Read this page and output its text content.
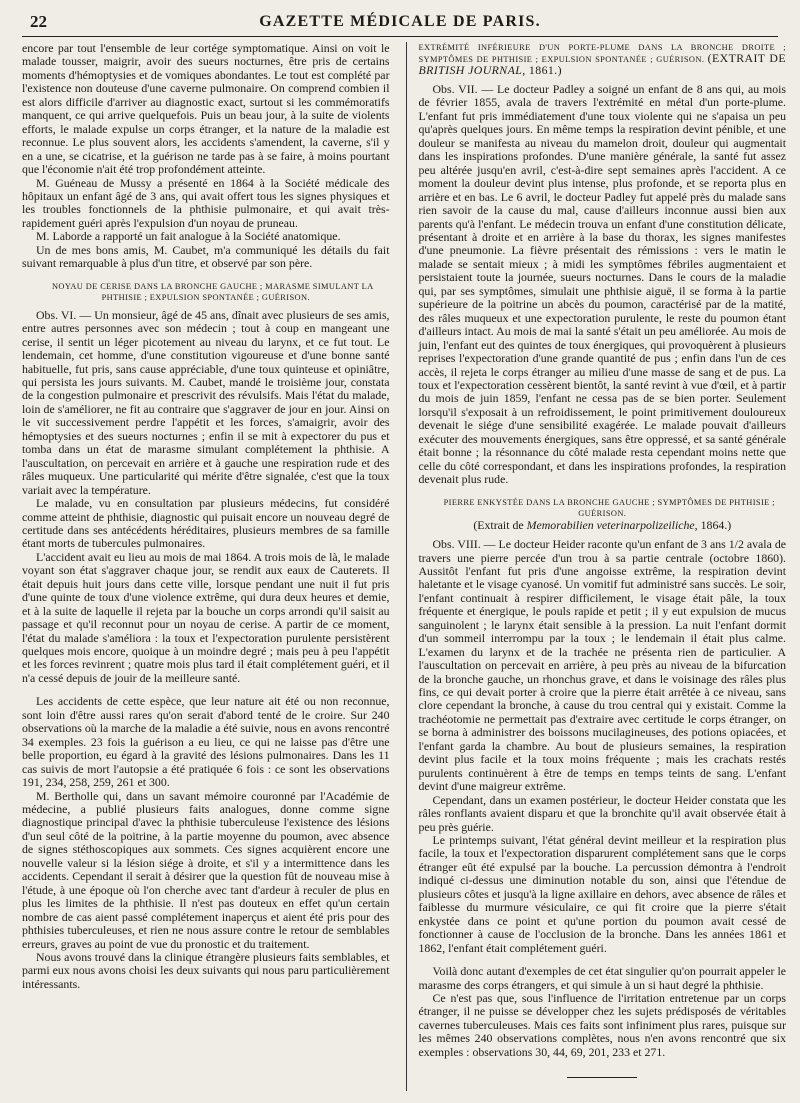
22	GAZETTE MÉDICALE DE PARIS.

encore par tout l'ensemble de leur cortége symptomatique. Ainsi on voit le malade tousser, maigrir, avoir des sueurs nocturnes, être pris de certains moments d'hémoptysies et de vomiques abondantes. Le tout est complété par l'existence non douteuse d'une caverne pulmonaire. On comprend combien il est alors difficile d'arriver au diagnostic exact, surtout si les commémoratifs manquent, ce qui arrive quelquefois. Puis un beau jour, à la suite de violents efforts, le malade expulse un corps étranger, et la nature de la maladie est reconnue. Le plus souvent alors, les accidents s'amendent, la caverne, s'il y en a une, se cicatrise, et la guérison ne tarde pas à se faire, à moins pourtant que l'économie n'ait été trop profondément atteinte.

M. Guéneau de Mussy a présenté en 1864 à la Société médicale des hôpitaux un enfant âgé de 3 ans, qui avait offert tous les signes physiques et les troubles fonctionnels de la phthisie pulmonaire, et qui avait très-rapidement guéri après l'expulsion d'un noyau de pruneau.

M. Laborde a rapporté un fait analogue à la Société anatomique.

Un de mes bons amis, M. Caubet, m'a communiqué les détails du fait suivant remarquable à plus d'un titre, et observé par son père.

NOYAU DE CERISE DANS LA BRONCHE GAUCHE ; MARASME SIMULANT LA PHTHISIE ; EXPULSION SPONTANÉE ; GUÉRISON.

Obs. VI. — Un monsieur, âgé de 45 ans, dînait avec plusieurs de ses amis, entre autres personnes avec son médecin ; tout à coup en mangeant une cerise, il sentit un léger picotement au niveau du larynx, et ce fut tout. Le lendemain, cet homme, d'une constitution vigoureuse et d'une bonne santé habituelle, fut pris, sans cause appréciable, d'une toux quinteuse et opiniâtre, qui persista les jours suivants. M. Caubet, mandé le troisième jour, constata de la congestion pulmonaire et prescrivit des révulsifs. Mais l'état du malade, loin de s'améliorer, ne fit au contraire que s'aggraver de jour en jour. Ainsi on le vit successivement perdre l'appétit et les forces, s'amaigrir, avoir des hémoptysies et des sueurs nocturnes ; enfin il se mit à expectorer du pus et tomba dans un état de marasme simulant complétement la phthisie. A l'auscultation, on percevait en arrière et à gauche une respiration rude et des râles muqueux. Une particularité qui mérite d'être signalée, c'est que la toux variait avec la température.

Le malade, vu en consultation par plusieurs médecins, fut considéré comme atteint de phthisie, diagnostic qui puisait encore un nouveau degré de certitude dans ses antécédents héréditaires, plusieurs membres de sa famille étant morts de tubercules pulmonaires.

L'accident avait eu lieu au mois de mai 1864. A trois mois de là, le malade voyant son état s'aggraver chaque jour, se rendit aux eaux de Cauterets. Il était depuis huit jours dans cette ville, lorsque pendant une nuit il fut pris d'une quinte de toux d'une violence extrême, qui dura deux heures et demie, et à la suite de laquelle il rejeta par la bouche un corps arrondi qu'il saisit au passage et qu'il reconnut pour un noyau de cerise. A partir de ce moment, l'état du malade s'améliora : la toux et l'expectoration purulente persistèrent quelques mois encore, quoique à un moindre degré ; mais peu à peu l'appétit et les forces revinrent ; quatre mois plus tard il était complétement guéri, et il n'a cessé depuis de jouir de la meilleure santé.

Les accidents de cette espèce, que leur nature ait été ou non reconnue, sont loin d'être aussi rares qu'on serait d'abord tenté de le croire. Sur 240 observations où la marche de la maladie a été suivie, nous en avons rencontré 34 exemples. 23 fois la guérison a eu lieu, ce qui ne laisse pas d'être une belle proportion, eu égard à la gravité des lésions pulmonaires. Dans les 11 cas suivis de mort l'autopsie a été pratiquée 6 fois : ce sont les observations 191, 234, 258, 259, 261 et 300.

M. Bertholle qui, dans un savant mémoire couronné par l'Académie de médecine, a publié plusieurs faits analogues, donne comme signe diagnostique principal d'avec la phthisie tuberculeuse l'existence des lésions d'un seul côté de la poitrine, à la partie moyenne du poumon, avec absence de signes stéthoscopiques aux sommets. Ces signes acquièrent encore une nouvelle valeur si la lésion siége à droite, et s'il y a intermittence dans les accidents. Cependant il serait à désirer que la question fût de nouveau mise à l'étude, à une époque où l'on cherche avec tant d'ardeur à reculer de plus en plus les limites de la phthisie. Il n'est pas douteux en effet qu'un certain nombre de cas aient passé complétement inaperçus et aient été pris pour des phthisies tuberculeuses, et rien ne nous assure contre le retour de semblables erreurs, graves au point de vue du pronostic et du traitement.

Nous avons trouvé dans la clinique étrangère plusieurs faits semblables, et parmi eux nous avons choisi les deux suivants qui nous paru particulièrement intéressants.

EXTRÉMITÉ INFÉRIEURE D'UN PORTE-PLUME DANS LA BRONCHE DROITE ; SYMPTÔMES DE PHTHISIE ; EXPULSION SPONTANÉE ; GUÉRISON. (EXTRAIT DE BRITISH JOURNAL, 1861.)

Obs. VII. — Le docteur Padley a soigné un enfant de 8 ans qui, au mois de février 1855, avala de travers l'extrémité en métal d'un porte-plume. L'enfant fut pris immédiatement d'une toux violente qui ne s'apaisa un peu qu'après quelques jours. En même temps la respiration devint pénible, et une douleur se manifesta au niveau du mamelon droit, douleur qui augmentait dans les inspirations profondes. D'une manière générale, la santé fut assez peu altérée jusqu'en avril, c'est-à-dire sept semaines après l'accident. A ce moment la douleur devint plus intense, plus profonde, et se reporta plus en arrière et en bas. Le 6 avril, le docteur Padley fut appelé près du malade sans rien savoir de la cause du mal, cause d'ailleurs inconnue aussi bien aux parents qu'à l'enfant. Le médecin trouva un enfant d'une constitution délicate, présentant à droite et en arrière à la base du thorax, les signes manifestes d'une pneumonie. La fièvre présentait des rémissions : vers le matin le malade se sentait mieux ; à midi les symptômes fébriles augmentaient et persistaient toute la journée, sueurs nocturnes. Dans le cours de la maladie qui, par ses symptômes, simulait une phthisie aiguë, il se forma à la partie supérieure de la poitrine un abcès du poumon, caractérisé par de la matité, des râles muqueux et une expectoration purulente, le reste du poumon étant d'ailleurs intact. Au mois de mai la santé s'était un peu améliorée. Au mois de juin, l'enfant eut des quintes de toux énergiques, qui provoquèrent à plusieurs reprises l'expectoration d'une grande quantité de pus ; enfin dans l'un de ces accès, il rejeta le corps étranger au milieu d'une masse de sang et de pus. La toux et l'expectoration cessèrent bientôt, la santé revint à vue d'œil, et à partir du mois de juin 1859, l'enfant ne cessa pas de se bien porter. Seulement lorsqu'il s'exposait à un refroidissement, le point primitivement douloureux devenait le siége d'une sensibilité exagérée. Le malade pouvait d'ailleurs exécuter des mouvements énergiques, sans être oppressé, et sa santé générale était bonne ; la résonnance du côté malade resta cependant moins nette que celle du côté correspondant, et dans les inspirations profondes, la respiration devenait plus rude.

PIERRE ENKYSTÉE DANS LA BRONCHE GAUCHE ; SYMPTÔMES DE PHTHISIE ; GUÉRISON.

(Extrait de Memorabilien veterinarpolizeiliche, 1864.)

Obs. VIII. — Le docteur Heider raconte qu'un enfant de 3 ans 1/2 avala de travers une pierre percée d'un trou à sa partie centrale (octobre 1860). Aussitôt l'enfant fut pris d'une angoisse extrême, la respiration devint haletante et le visage cyanosé. Un vomitif fut administré sans succès. Le soir, l'enfant continuait à respirer difficilement, le visage était pâle, la toux fréquente et énergique, le pouls rapide et petit ; il y eut expulsion de mucus sanguinolent ; le larynx était sensible à la pression. La nuit l'enfant dormit d'un sommeil interrompu par la toux ; le lendemain il était plus calme. L'examen du larynx et de la trachée ne présenta rien de particulier. A l'auscultation on percevait en arrière, à peu près au niveau de la bifurcation de la bronche gauche, un rhonchus grave, et dans le voisinage des râles plus fins, ce qui devait porter à croire que la pierre était arrêtée à ce niveau, sans clore cependant la bronche, à cause du trou central qui y existait. Comme la trachéotomie ne permettait pas d'extraire avec certitude le corps étranger, on se borna à administrer des boissons mucilagineuses, des potions opiacées, et l'enfant garda la chambre. Au bout de plusieurs semaines, la respiration devint plus facile et la toux moins fréquente ; mais les crachats restés purulents continuèrent à être de temps en temps teints de sang. L'enfant devint d'une maigreur extrême.

Cependant, dans un examen postérieur, le docteur Heider constata que les râles ronflants avaient disparu et que la bronchite qu'il avait observée était à peu près guérie.

Le printemps suivant, l'état général devint meilleur et la respiration plus facile, la toux et l'expectoration disparurent complétement sans que le corps étranger eût été expulsé par la bouche. La percussion démontra à l'endroit indiqué ci-dessus une diminution notable du son, ainsi que l'étendue de plusieurs côtes et jusqu'à la ligne axillaire en dehors, avec absence de râles et faiblesse du murmure vésiculaire, ce qui fit croire que la pierre s'était enkystée dans ce point et qu'une portion du poumon avait cessé de fonctionner à cause de l'occlusion de la bronche. Dans les années 1861 et 1862, l'enfant était complétement guéri.

Voilà donc autant d'exemples de cet état singulier qu'on pourrait appeler le marasme des corps étrangers, et qui simule à un si haut degré la phthisie.

Ce n'est pas que, sous l'influence de l'irritation entretenue par un corps étranger, il ne puisse se développer chez les sujets prédisposés de véritables cavernes tuberculeuses. Mais ces faits sont infiniment plus rares, puisque sur les mêmes 240 observations complètes, nous n'en avons rencontré que six exemples : observations 30, 44, 69, 201, 233 et 271.
